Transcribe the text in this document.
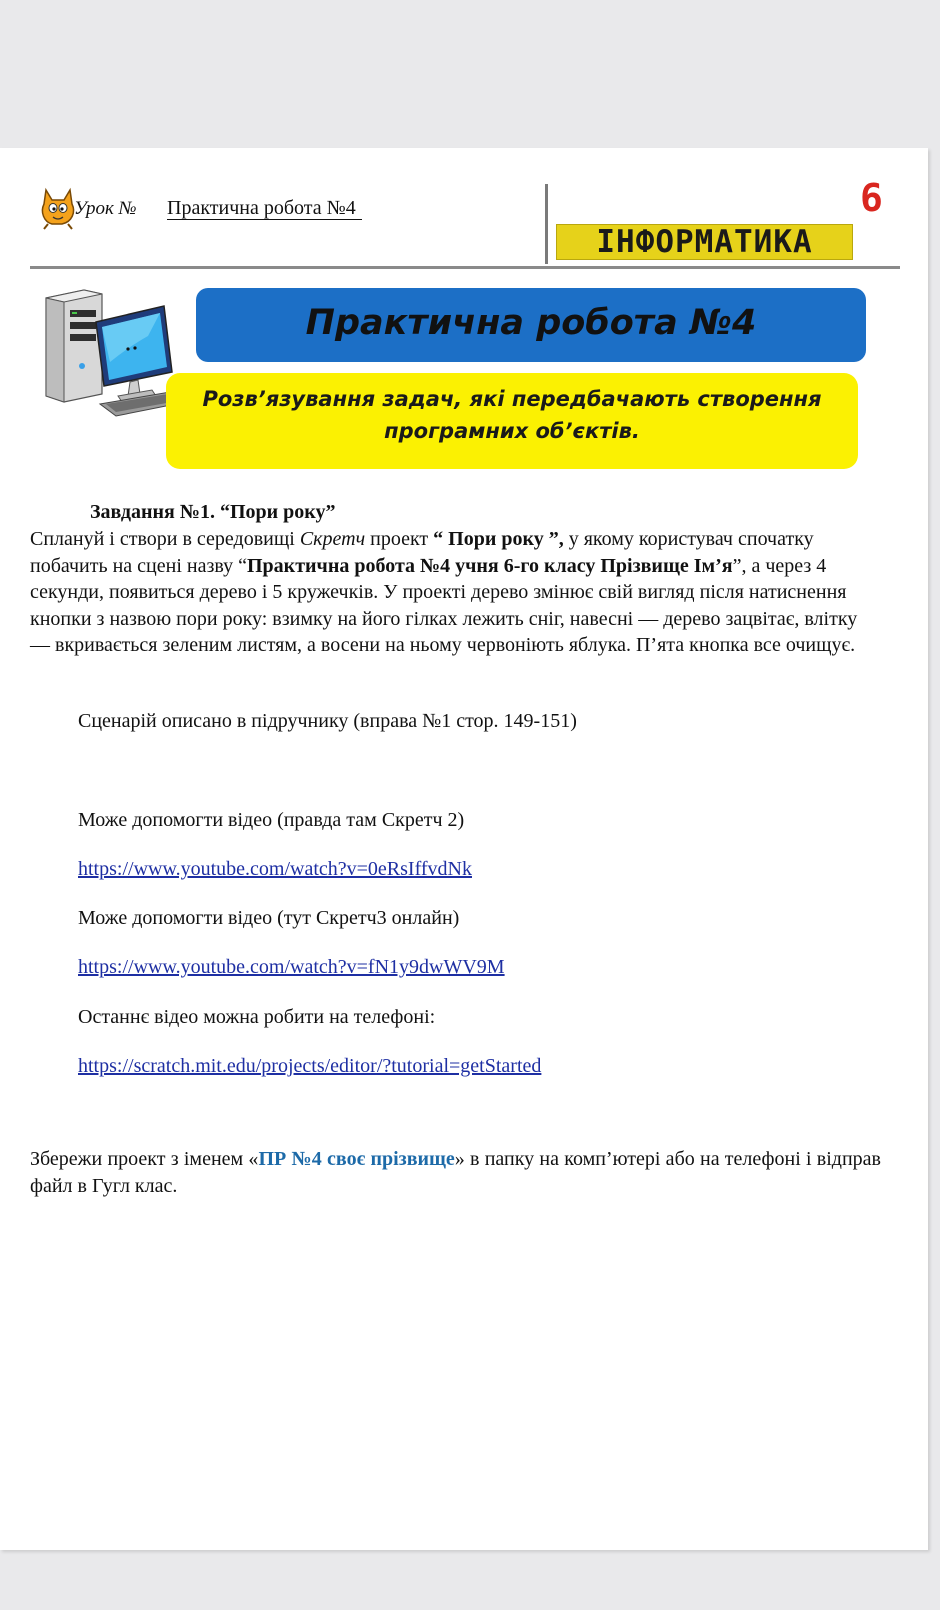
Урок № Практична робота №4
ІНФОРМАТИКА
6
Практична робота №4
Розв’язування задач, які передбачають створення програмних об’єктів.
Завдання №1. “Пори року”
Сплануй і створи в середовищі Скретч проект “ Пори року ”, у якому користувач спочатку побачить на сцені назву “Практична робота №4 учня 6-го класу Прізвище Ім’я”, а через 4 секунди, появиться дерево і 5 кружечків. У проекті дерево змінює свій вигляд після натиснення кнопки з назвою пори року: взимку на його гілках лежить сніг, навесні — дерево зацвітає, влітку — вкривається зеленим листям, а восени на ньому червоніють яблука. П’ята кнопка все очищує.
Сценарій описано в підручнику (вправа №1 стор. 149-151)
Може допомогти відео (правда там Скретч 2)
https://www.youtube.com/watch?v=0eRsIffvdNk
Може допомогти відео (тут Скретч3 онлайн)
https://www.youtube.com/watch?v=fN1y9dwWV9M
Останнє відео можна робити на телефоні:
https://scratch.mit.edu/projects/editor/?tutorial=getStarted
Збережи проект з іменем «ПР №4 своє прізвище» в папку на комп’ютері або на телефоні і відправ файл в Гугл клас.
